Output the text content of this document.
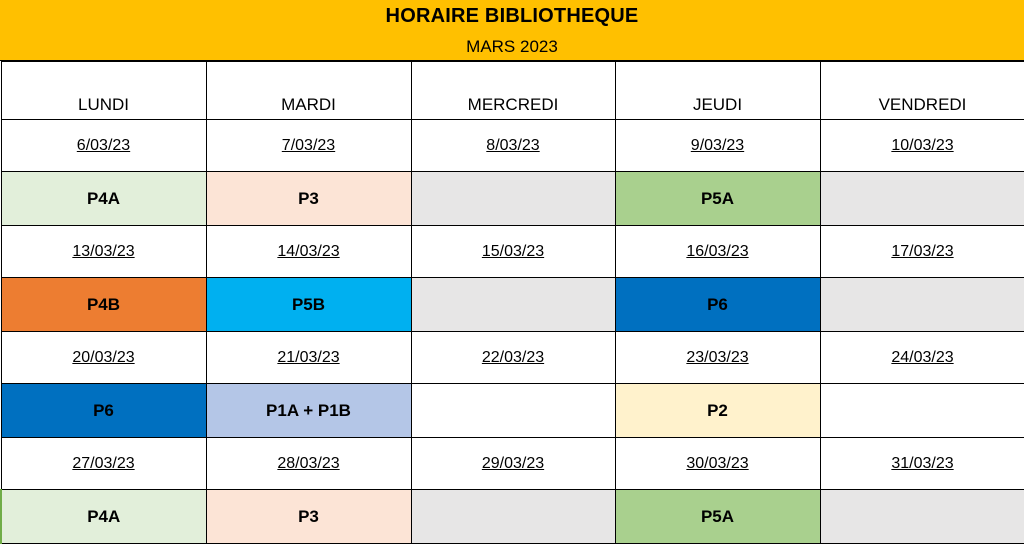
HORAIRE BIBLIOTHEQUE
MARS 2023
LUNDI	MARDI	MERCREDI	JEUDI	VENDREDI
6/03/23	7/03/23	8/03/23	9/03/23	10/03/23
P4A	P3		P5A	
13/03/23	14/03/23	15/03/23	16/03/23	17/03/23
P4B	P5B		P6	
20/03/23	21/03/23	22/03/23	23/03/23	24/03/23
P6	P1A + P1B		P2	
27/03/23	28/03/23	29/03/23	30/03/23	31/03/23
P4A	P3		P5A	
